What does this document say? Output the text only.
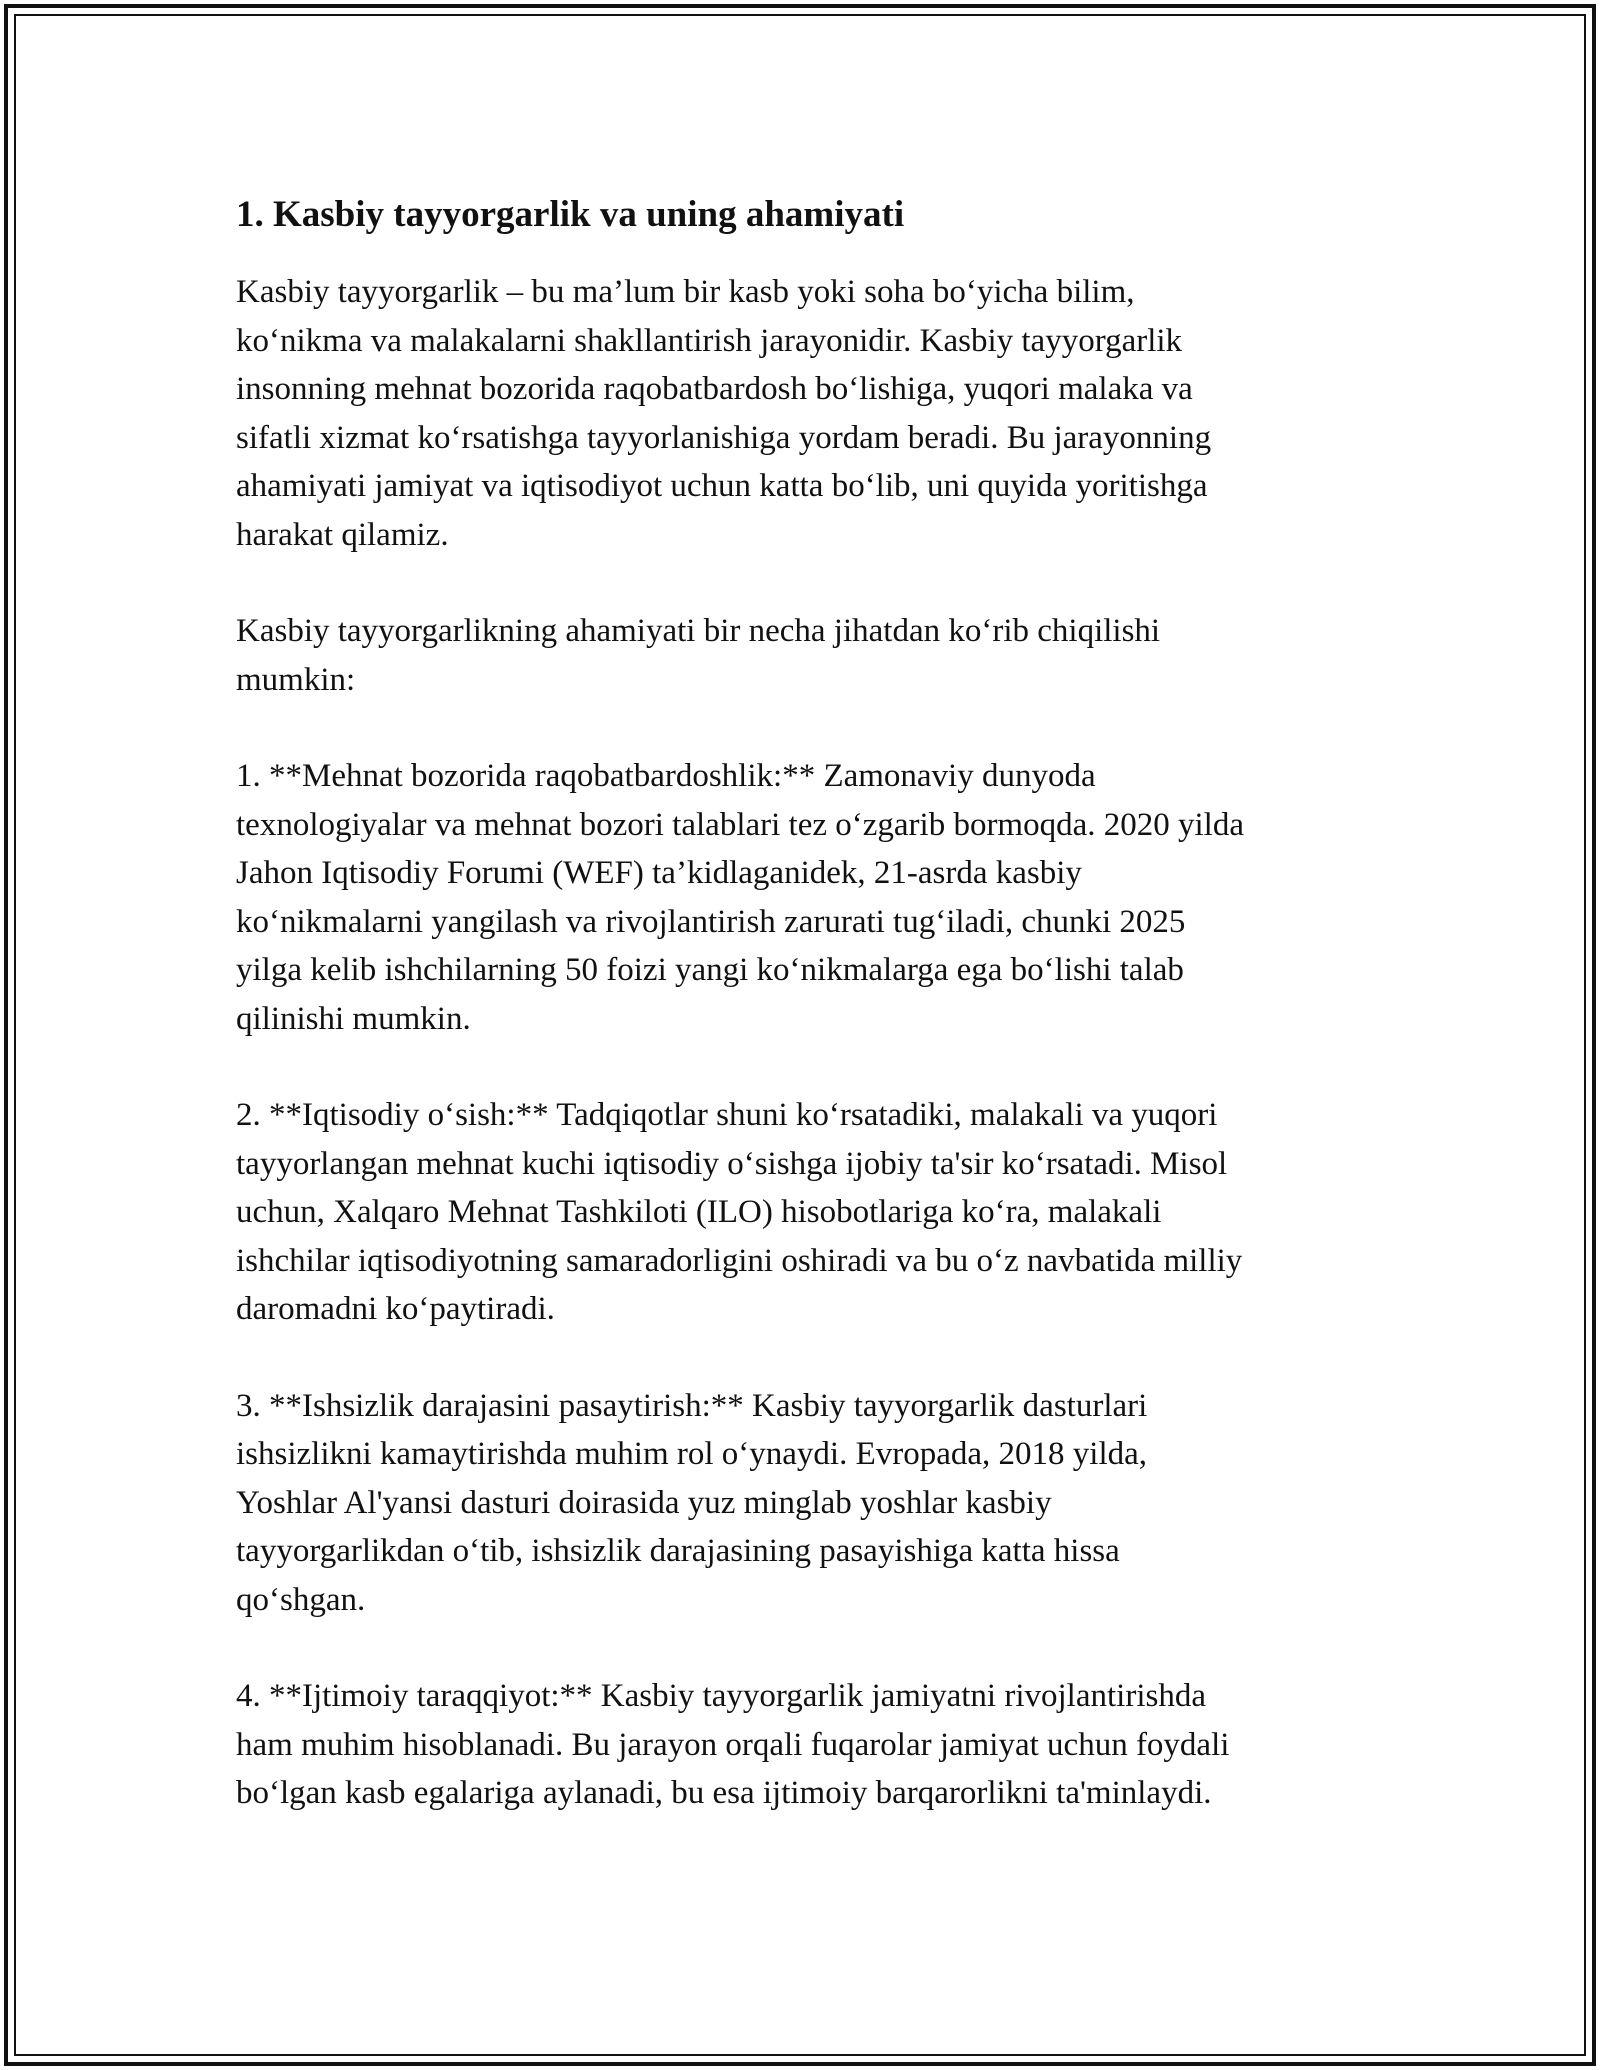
1. Kasbiy tayyorgarlik va uning ahamiyati

Kasbiy tayyorgarlik – bu ma’lum bir kasb yoki soha bo‘yicha bilim,
ko‘nikma va malakalarni shakllantirish jarayonidir. Kasbiy tayyorgarlik
insonning mehnat bozorida raqobatbardosh bo‘lishiga, yuqori malaka va
sifatli xizmat ko‘rsatishga tayyorlanishiga yordam beradi. Bu jarayonning
ahamiyati jamiyat va iqtisodiyot uchun katta bo‘lib, uni quyida yoritishga
harakat qilamiz.

Kasbiy tayyorgarlikning ahamiyati bir necha jihatdan ko‘rib chiqilishi
mumkin:

1. **Mehnat bozorida raqobatbardoshlik:** Zamonaviy dunyoda
texnologiyalar va mehnat bozori talablari tez o‘zgarib bormoqda. 2020 yilda
Jahon Iqtisodiy Forumi (WEF) ta’kidlaganidek, 21-asrda kasbiy
ko‘nikmalarni yangilash va rivojlantirish zarurati tug‘iladi, chunki 2025
yilga kelib ishchilarning 50 foizi yangi ko‘nikmalarga ega bo‘lishi talab
qilinishi mumkin.

2. **Iqtisodiy o‘sish:** Tadqiqotlar shuni ko‘rsatadiki, malakali va yuqori
tayyorlangan mehnat kuchi iqtisodiy o‘sishga ijobiy ta'sir ko‘rsatadi. Misol
uchun, Xalqaro Mehnat Tashkiloti (ILO) hisobotlariga ko‘ra, malakali
ishchilar iqtisodiyotning samaradorligini oshiradi va bu o‘z navbatida milliy
daromadni ko‘paytiradi.

3. **Ishsizlik darajasini pasaytirish:** Kasbiy tayyorgarlik dasturlari
ishsizlikni kamaytirishda muhim rol o‘ynaydi. Evropada, 2018 yilda,
Yoshlar Al'yansi dasturi doirasida yuz minglab yoshlar kasbiy
tayyorgarlikdan o‘tib, ishsizlik darajasining pasayishiga katta hissa
qo‘shgan.

4. **Ijtimoiy taraqqiyot:** Kasbiy tayyorgarlik jamiyatni rivojlantirishda
ham muhim hisoblanadi. Bu jarayon orqali fuqarolar jamiyat uchun foydali
bo‘lgan kasb egalariga aylanadi, bu esa ijtimoiy barqarorlikni ta'minlaydi.
